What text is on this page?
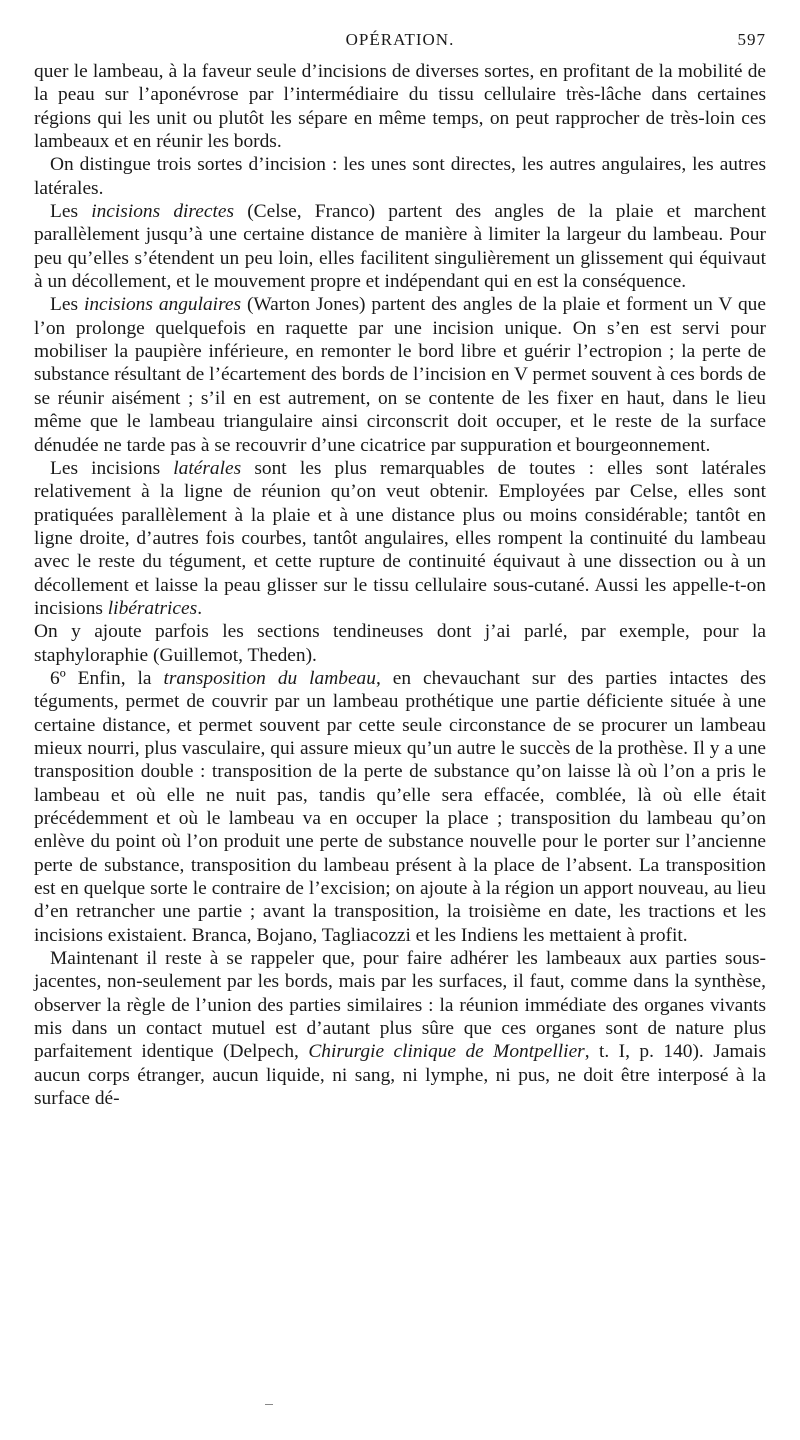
OPÉRATION.	597

quer le lambeau, à la faveur seule d’incisions de diverses sortes, en profitant de la mobilité de la peau sur l’aponévrose par l’intermédiaire du tissu cellulaire très-lâche dans certaines régions qui les unit ou plutôt les sépare en même temps, on peut rapprocher de très-loin ces lambeaux et en réunir les bords.

On distingue trois sortes d’incision : les unes sont directes, les autres angulaires, les autres latérales.

Les incisions directes (Celse, Franco) partent des angles de la plaie et marchent parallèlement jusqu’à une certaine distance de manière à limiter la largeur du lambeau. Pour peu qu’elles s’étendent un peu loin, elles facilitent singulièrement un glissement qui équivaut à un décollement, et le mouvement propre et indépendant qui en est la conséquence.

Les incisions angulaires (Warton Jones) partent des angles de la plaie et forment un V que l’on prolonge quelquefois en raquette par une incision unique. On s’en est servi pour mobiliser la paupière inférieure, en remonter le bord libre et guérir l’ectropion ; la perte de substance résultant de l’écartement des bords de l’incision en V permet souvent à ces bords de se réunir aisément ; s’il en est autrement, on se contente de les fixer en haut, dans le lieu même que le lambeau triangulaire ainsi circonscrit doit occuper, et le reste de la surface dénudée ne tarde pas à se recouvrir d’une cicatrice par suppuration et bourgeonnement.

Les incisions latérales sont les plus remarquables de toutes : elles sont latérales relativement à la ligne de réunion qu’on veut obtenir. Employées par Celse, elles sont pratiquées parallèlement à la plaie et à une distance plus ou moins considérable; tantôt en ligne droite, d’autres fois courbes, tantôt angulaires, elles rompent la continuité du lambeau avec le reste du tégument, et cette rupture de continuité équivaut à une dissection ou à un décollement et laisse la peau glisser sur le tissu cellulaire sous-cutané. Aussi les appelle-t-on incisions libératrices.

On y ajoute parfois les sections tendineuses dont j’ai parlé, par exemple, pour la staphyloraphie (Guillemot, Theden).

6º Enfin, la transposition du lambeau, en chevauchant sur des parties intactes des téguments, permet de couvrir par un lambeau prothétique une partie déficiente située à une certaine distance, et permet souvent par cette seule circonstance de se procurer un lambeau mieux nourri, plus vasculaire, qui assure mieux qu’un autre le succès de la prothèse. Il y a une transposition double : transposition de la perte de substance qu’on laisse là où l’on a pris le lambeau et où elle ne nuit pas, tandis qu’elle sera effacée, comblée, là où elle était précédemment et où le lambeau va en occuper la place ; transposition du lambeau qu’on enlève du point où l’on produit une perte de substance nouvelle pour le porter sur l’ancienne perte de substance, transposition du lambeau présent à la place de l’absent. La transposition est en quelque sorte le contraire de l’excision; on ajoute à la région un apport nouveau, au lieu d’en retrancher une partie ; avant la transposition, la troisième en date, les tractions et les incisions existaient. Branca, Bojano, Tagliacozzi et les Indiens les mettaient à profit.

Maintenant il reste à se rappeler que, pour faire adhérer les lambeaux aux parties sous-jacentes, non-seulement par les bords, mais par les surfaces, il faut, comme dans la synthèse, observer la règle de l’union des parties similaires : la réunion immédiate des organes vivants mis dans un contact mutuel est d’autant plus sûre que ces organes sont de nature plus parfaitement identique (Delpech, Chirurgie clinique de Montpellier, t. I, p. 140). Jamais aucun corps étranger, aucun liquide, ni sang, ni lymphe, ni pus, ne doit être interposé à la surface dé-
